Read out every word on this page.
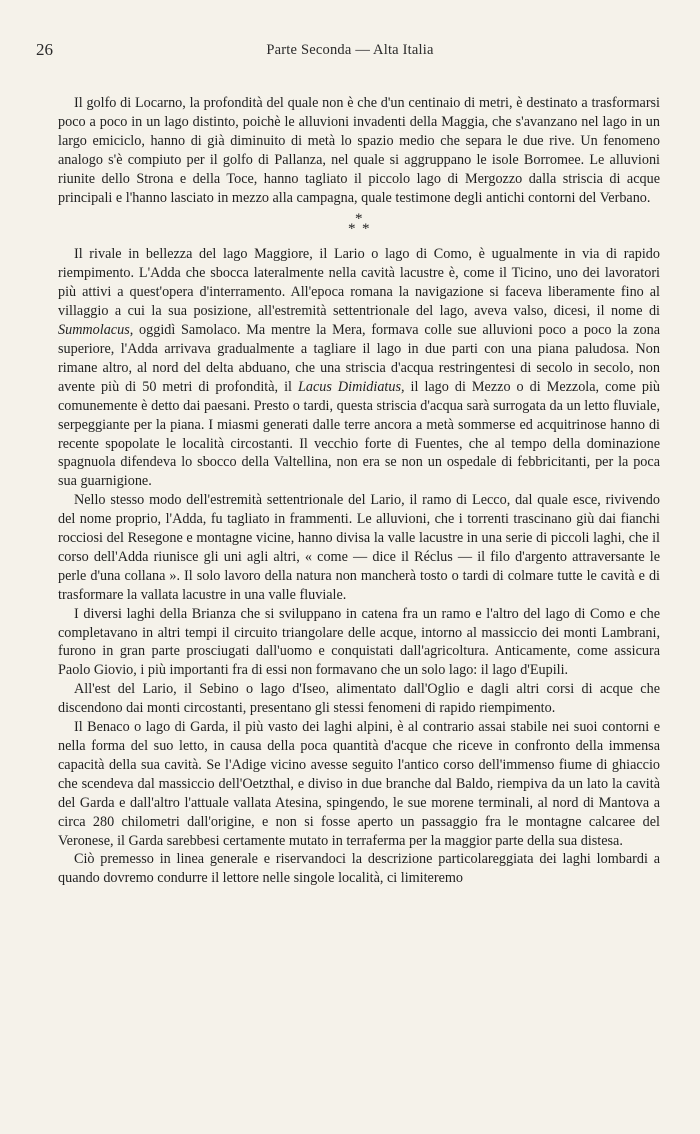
26	Parte Seconda — Alta Italia

Il golfo di Locarno, la profondità del quale non è che d'un centinaio di metri, è destinato a trasformarsi poco a poco in un lago distinto, poichè le alluvioni invadenti della Maggia, che s'avanzano nel lago in un largo emiciclo, hanno di già diminuito di metà lo spazio medio che separa le due rive. Un fenomeno analogo s'è compiuto per il golfo di Pallanza, nel quale si aggruppano le isole Borromee. Le alluvioni riunite dello Strona e della Toce, hanno tagliato il piccolo lago di Mergozzo dalla striscia di acque principali e l'hanno lasciato in mezzo alla campagna, quale testimone degli antichi contorni del Verbano.

*
* *

Il rivale in bellezza del lago Maggiore, il Lario o lago di Como, è ugualmente in via di rapido riempimento. L'Adda che sbocca lateralmente nella cavità lacustre è, come il Ticino, uno dei lavoratori più attivi a quest'opera d'interramento. All'epoca romana la navigazione si faceva liberamente fino al villaggio a cui la sua posizione, all'estremità settentrionale del lago, aveva valso, dicesi, il nome di Summolacus, oggidì Samolaco. Ma mentre la Mera, formava colle sue alluvioni poco a poco la zona superiore, l'Adda arrivava gradualmente a tagliare il lago in due parti con una piana paludosa. Non rimane altro, al nord del delta abduano, che una striscia d'acqua restringentesi di secolo in secolo, non avente più di 50 metri di profondità, il Lacus Dimidiatus, il lago di Mezzo o di Mezzola, come più comunemente è detto dai paesani. Presto o tardi, questa striscia d'acqua sarà surrogata da un letto fluviale, serpeggiante per la piana. I miasmi generati dalle terre ancora a metà sommerse ed acquitrinose hanno di recente spopolate le località circostanti. Il vecchio forte di Fuentes, che al tempo della dominazione spagnuola difendeva lo sbocco della Valtellina, non era se non un ospedale di febbricitanti, per la poca sua guarnigione.

Nello stesso modo dell'estremità settentrionale del Lario, il ramo di Lecco, dal quale esce, rivivendo del nome proprio, l'Adda, fu tagliato in frammenti. Le alluvioni, che i torrenti trascinano giù dai fianchi rocciosi del Resegone e montagne vicine, hanno divisa la valle lacustre in una serie di piccoli laghi, che il corso dell'Adda riunisce gli uni agli altri, « come — dice il Réclus — il filo d'argento attraversante le perle d'una collana ». Il solo lavoro della natura non mancherà tosto o tardi di colmare tutte le cavità e di trasformare la vallata lacustre in una valle fluviale.

I diversi laghi della Brianza che si sviluppano in catena fra un ramo e l'altro del lago di Como e che completavano in altri tempi il circuito triangolare delle acque, intorno al massiccio dei monti Lambrani, furono in gran parte prosciugati dall'uomo e conquistati dall'agricoltura. Anticamente, come assicura Paolo Giovio, i più importanti fra di essi non formavano che un solo lago: il lago d'Eupili.

All'est del Lario, il Sebino o lago d'Iseo, alimentato dall'Oglio e dagli altri corsi di acque che discendono dai monti circostanti, presentano gli stessi fenomeni di rapido riempimento.

Il Benaco o lago di Garda, il più vasto dei laghi alpini, è al contrario assai stabile nei suoi contorni e nella forma del suo letto, in causa della poca quantità d'acque che riceve in confronto della immensa capacità della sua cavità. Se l'Adige vicino avesse seguito l'antico corso dell'immenso fiume di ghiaccio che scendeva dal massiccio dell'Oetzthal, e diviso in due branche dal Baldo, riempiva da un lato la cavità del Garda e dall'altro l'attuale vallata Atesina, spingendo, le sue morene terminali, al nord di Mantova a circa 280 chilometri dall'origine, e non si fosse aperto un passaggio fra le montagne calcaree del Veronese, il Garda sarebbesi certamente mutato in terraferma per la maggior parte della sua distesa.

Ciò premesso in linea generale e riservandoci la descrizione particolareggiata dei laghi lombardi a quando dovremo condurre il lettore nelle singole località, ci limiteremo
